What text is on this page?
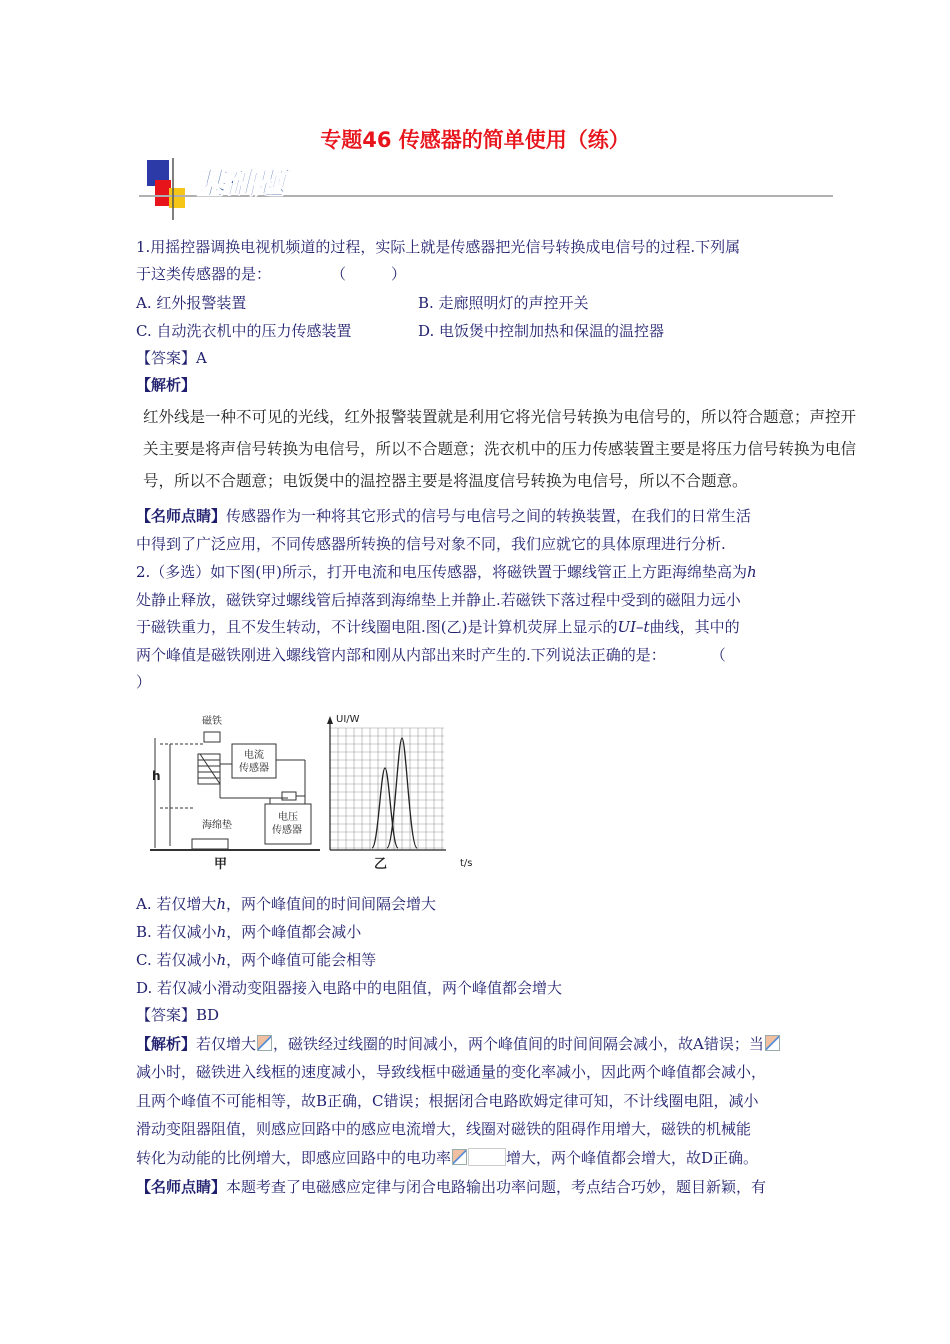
专题46 传感器的简单使用（练）
基础题
1.用摇控器调换电视机频道的过程，实际上就是传感器把光信号转换成电信号的过程.下列属
于这类传感器的是：　　　　　（　　　）
A. 红外报警装置	B. 走廊照明灯的声控开关
C. 自动洗衣机中的压力传感装置	D. 电饭煲中控制加热和保温的温控器
【答案】A
【解析】
红外线是一种不可见的光线，红外报警装置就是利用它将光信号转换为电信号的，所以符合题意；声控开
关主要是将声信号转换为电信号，所以不合题意；洗衣机中的压力传感装置主要是将压力信号转换为电信
号，所以不合题意；电饭煲中的温控器主要是将温度信号转换为电信号，所以不合题意。
【名师点睛】传感器作为一种将其它形式的信号与电信号之间的转换装置，在我们的日常生活
中得到了广泛应用，不同传感器所转换的信号对象不同，我们应就它的具体原理进行分析.
2.（多选）如下图(甲)所示，打开电流和电压传感器，将磁铁置于螺线管正上方距海绵垫高为h
处静止释放，磁铁穿过螺线管后掉落到海绵垫上并静止.若磁铁下落过程中受到的磁阻力远小
于磁铁重力，且不发生转动，不计线圈电阻.图(乙)是计算机荧屏上显示的UI–t曲线，其中的
两个峰值是磁铁刚进入螺线管内部和刚从内部出来时产生的.下列说法正确的是：　　　　（
）
磁铁
电流
传感器
电压
传感器
h
海绵垫
甲
UI/W
乙	t/s
A. 若仅增大h，两个峰值间的时间间隔会增大
B. 若仅减小h，两个峰值都会减小
C. 若仅减小h，两个峰值可能会相等
D. 若仅减小滑动变阻器接入电路中的电阻值，两个峰值都会增大
【答案】BD
【解析】若仅增大 ，磁铁经过线圈的时间减小，两个峰值间的时间间隔会减小，故A错误；当
减小时，磁铁进入线框的速度减小，导致线框中磁通量的变化率减小，因此两个峰值都会减小，
且两个峰值不可能相等，故B正确，C错误；根据闭合电路欧姆定律可知，不计线圈电阻，减小
滑动变阻器阻值，则感应回路中的感应电流增大，线圈对磁铁的阻碍作用增大，磁铁的机械能
转化为动能的比例增大，即感应回路中的电功率	增大，两个峰值都会增大，故D正确。
【名师点睛】本题考查了电磁感应定律与闭合电路输出功率问题，考点结合巧妙，题目新颖，有
